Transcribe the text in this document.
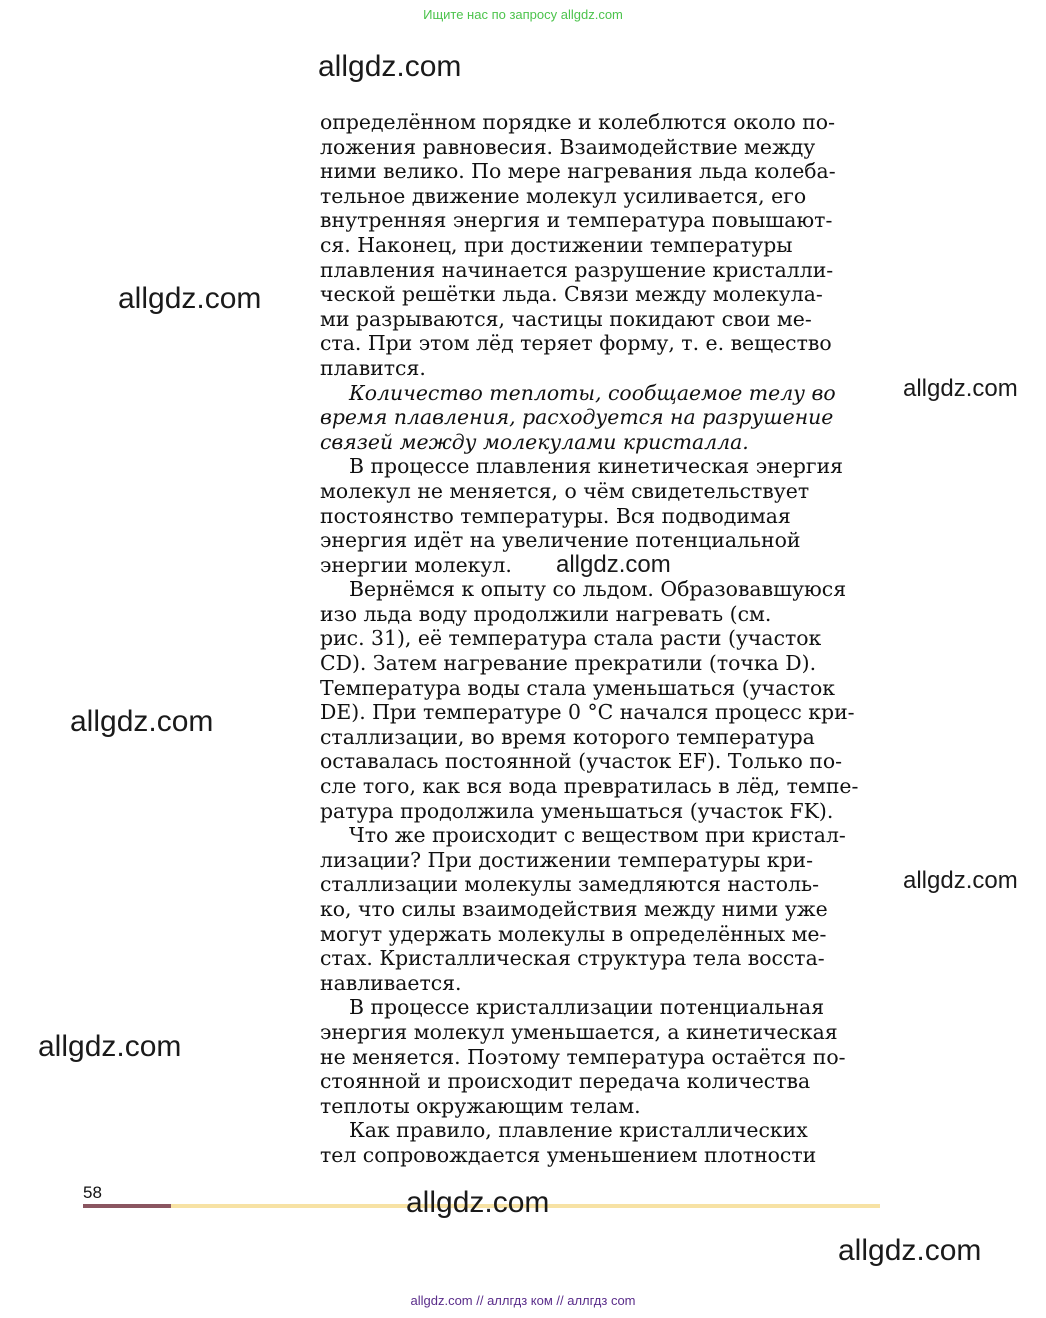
Ищите нас по запросу allgdz.com
allgdz.com
allgdz.com
allgdz.com
allgdz.com
allgdz.com
allgdz.com
allgdz.com

определённом порядке и колеблются около по-
ложения равновесия. Взаимодействие между
ними велико. По мере нагревания льда колеба-
тельное движение молекул усиливается, его
внутренняя энергия и температура повышают-
ся. Наконец, при достижении температуры
плавления начинается разрушение кристалли-
ческой решётки льда. Связи между молекула-
ми разрываются, частицы покидают свои ме-
ста. При этом лёд теряет форму, т. е. вещество
плавится.

Количество теплоты, сообщаемое телу во
время плавления, расходуется на разрушение
связей между молекулами кристалла.

В процессе плавления кинетическая энергия
молекул не меняется, о чём свидетельствует
постоянство температуры. Вся подводимая
энергия идёт на увеличение потенциальной
энергии молекул.

Вернёмся к опыту со льдом. Образовавшуюся
изо льда воду продолжили нагревать (см.
рис. 31), её температура стала расти (участок
CD). Затем нагревание прекратили (точка D).
Температура воды стала уменьшаться (участок
DE). При температуре 0 °C начался процесс кри-
сталлизации, во время которого температура
оставалась постоянной (участок EF). Только по-
сле того, как вся вода превратилась в лёд, темпе-
ратура продолжила уменьшаться (участок FK).

Что же происходит с веществом при кристал-
лизации? При достижении температуры кри-
сталлизации молекулы замедляются настоль-
ко, что силы взаимодействия между ними уже
могут удержать молекулы в определённых ме-
стах. Кристаллическая структура тела восста-
навливается.

В процессе кристаллизации потенциальная
энергия молекул уменьшается, а кинетическая
не меняется. Поэтому температура остаётся по-
стоянной и происходит передача количества
теплоты окружающим телам.

Как правило, плавление кристаллических
тел сопровождается уменьшением плотности

58	allgdz.com
allgdz.com
allgdz.com // аллгдз ком // аллгдз com
